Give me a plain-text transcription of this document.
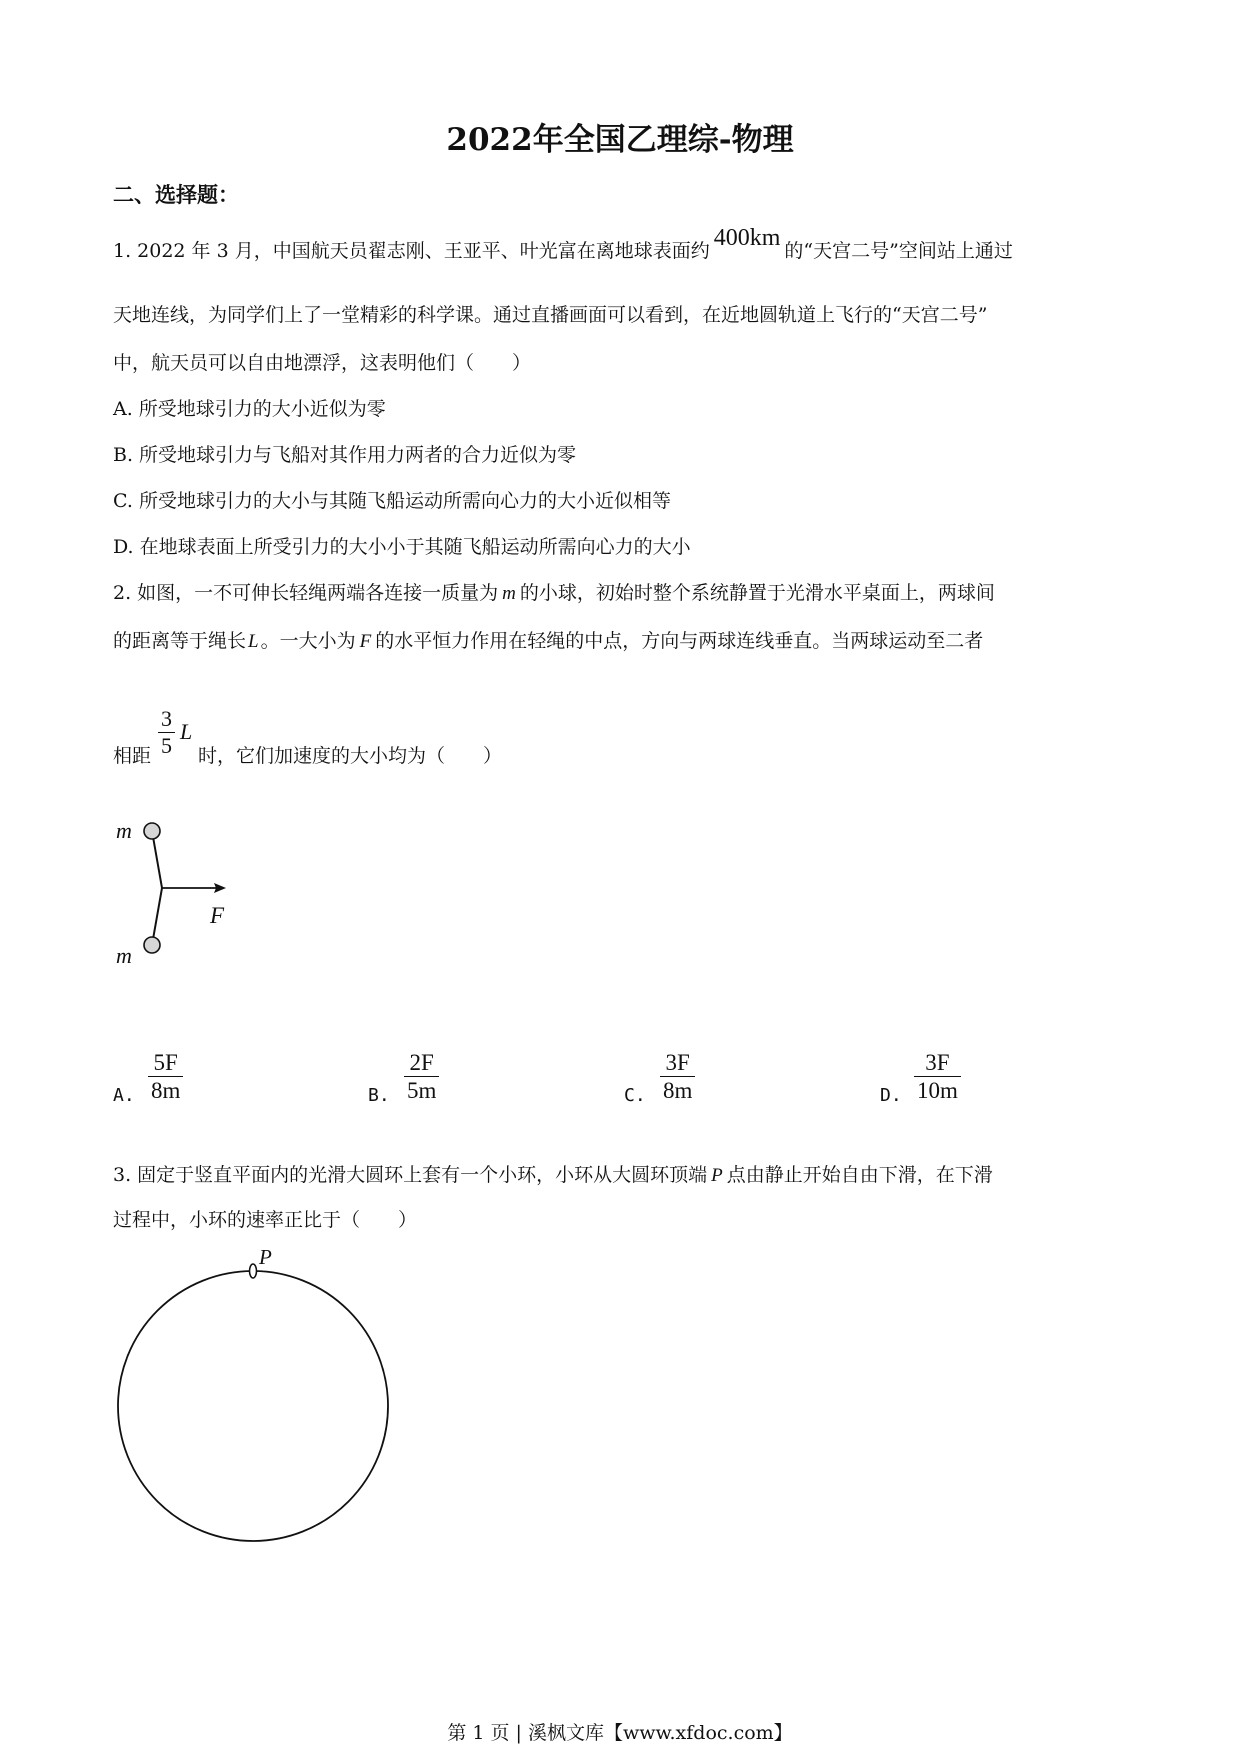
2022年全国乙理综-物理
二、选择题：
1. 2022 年 3 月，中国航天员翟志刚、王亚平、叶光富在离地球表面约 400km 的“天宫二号”空间站上通过
天地连线，为同学们上了一堂精彩的科学课。通过直播画面可以看到，在近地圆轨道上飞行的“天宫二号”
中，航天员可以自由地漂浮，这表明他们（　　）
A. 所受地球引力的大小近似为零
B. 所受地球引力与飞船对其作用力两者的合力近似为零
C. 所受地球引力的大小与其随飞船运动所需向心力的大小近似相等
D. 在地球表面上所受引力的大小小于其随飞船运动所需向心力的大小
2. 如图，一不可伸长轻绳两端各连接一质量为 m 的小球，初始时整个系统静置于光滑水平桌面上，两球间
的距离等于绳长 L 。一大小为 F 的水平恒力作用在轻绳的中点，方向与两球连线垂直。当两球运动至二者
相距
3
5
L
时，它们加速度的大小均为（　　）
m
m
F
A.
5F
8m	B.
2F
5m	C.
3F
8m	D.
3F
10m
3. 固定于竖直平面内的光滑大圆环上套有一个小环，小环从大圆环顶端 P 点由静止开始自由下滑，在下滑
过程中，小环的速率正比于（　　）
P
第 1 页 | 溪枫文库【www.xfdoc.com】
